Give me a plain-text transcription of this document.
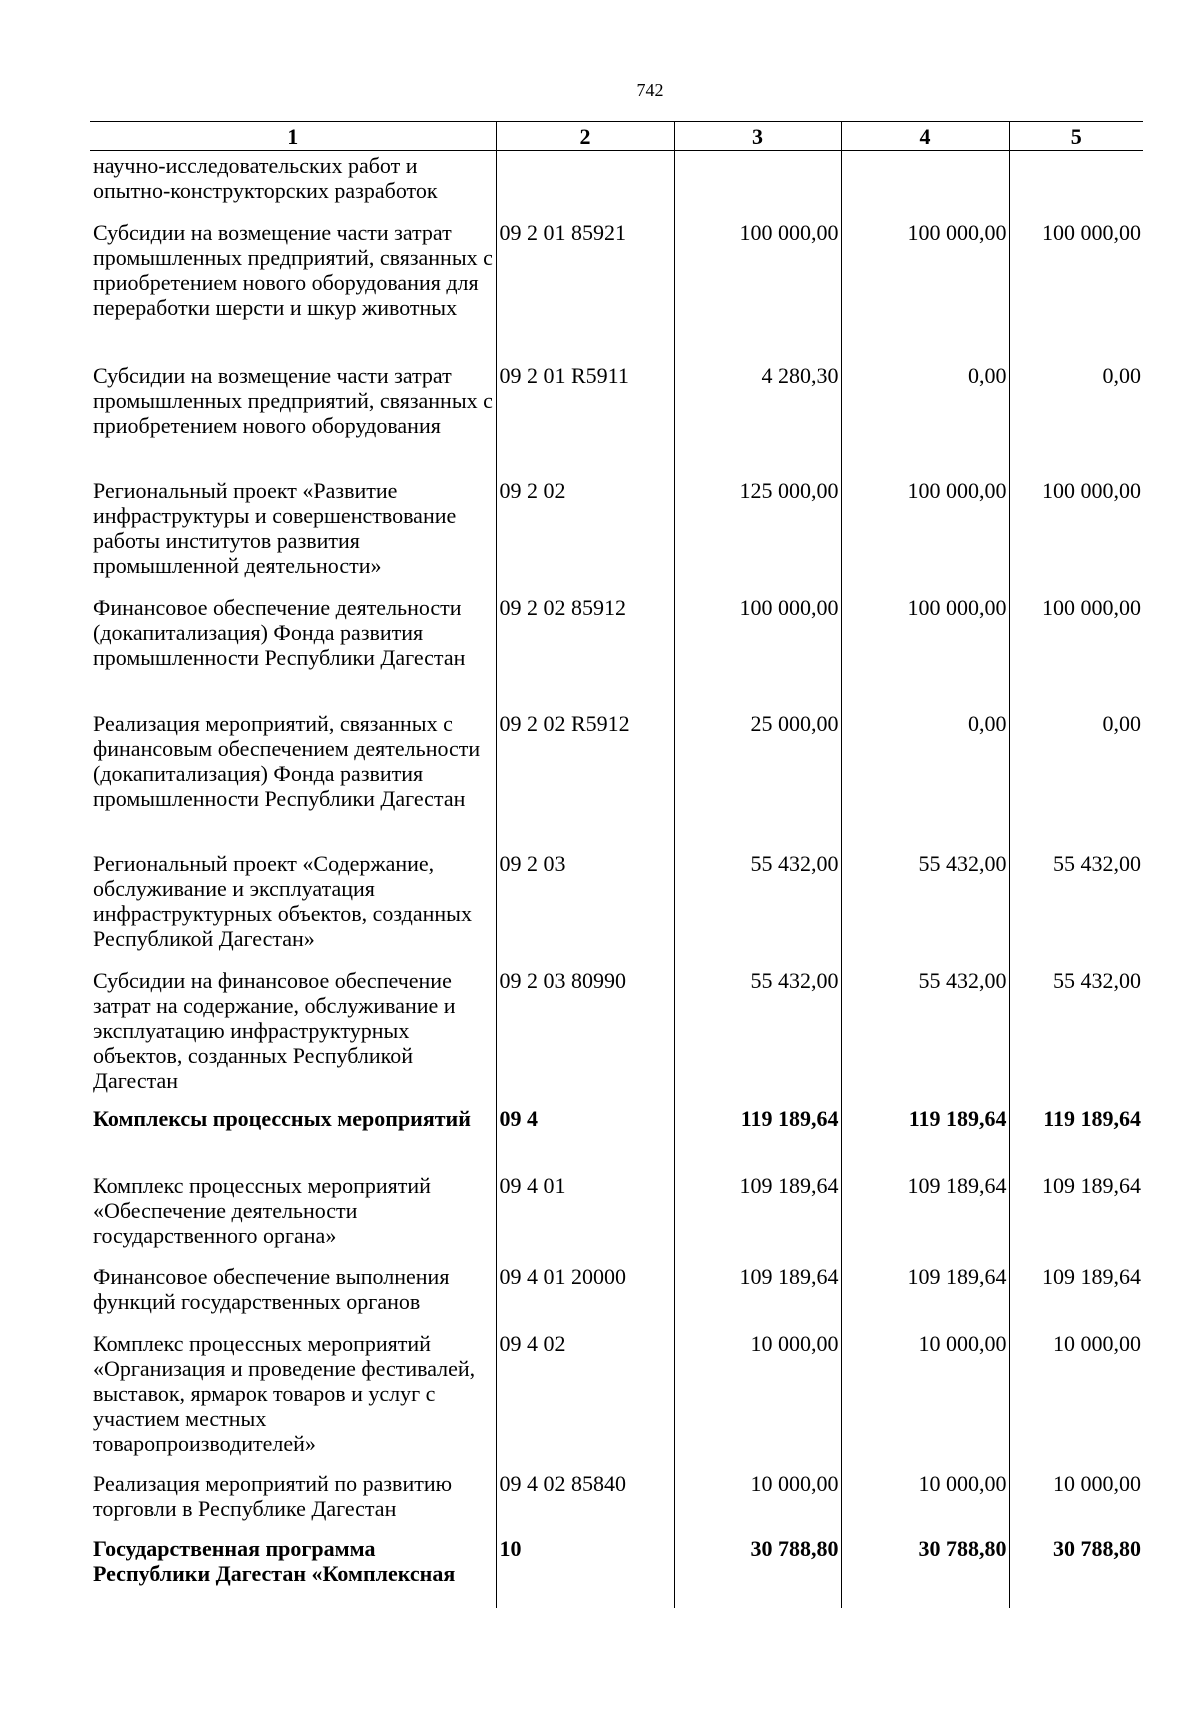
742
1	2	3	4	5
научно-исследовательских работ и опытно-конструкторских разработок				
Субсидии на возмещение части затрат промышленных предприятий, связанных с приобретением нового оборудования для переработки шерсти и шкур животных	09 2 01 85921	100 000,00	100 000,00	100 000,00
Субсидии на возмещение части затрат промышленных предприятий, связанных с приобретением нового оборудования	09 2 01 R5911	4 280,30	0,00	0,00
Региональный проект «Развитие инфраструктуры и совершенствование работы институтов развития промышленной деятельности»	09 2 02	125 000,00	100 000,00	100 000,00
Финансовое обеспечение деятельности (докапитализация) Фонда развития промышленности Республики Дагестан	09 2 02 85912	100 000,00	100 000,00	100 000,00
Реализация мероприятий, связанных с финансовым обеспечением деятельности (докапитализация) Фонда развития промышленности Республики Дагестан	09 2 02 R5912	25 000,00	0,00	0,00
Региональный проект «Содержание, обслуживание и эксплуатация инфраструктурных объектов, созданных Республикой Дагестан»	09 2 03	55 432,00	55 432,00	55 432,00
Субсидии на финансовое обеспечение затрат на содержание, обслуживание и эксплуатацию инфраструктурных объектов, созданных Республикой Дагестан	09 2 03 80990	55 432,00	55 432,00	55 432,00
Комплексы процессных мероприятий	09 4	119 189,64	119 189,64	119 189,64
Комплекс процессных мероприятий «Обеспечение деятельности государственного органа»	09 4 01	109 189,64	109 189,64	109 189,64
Финансовое обеспечение выполнения функций государственных органов	09 4 01 20000	109 189,64	109 189,64	109 189,64
Комплекс процессных мероприятий «Организация и проведение фестивалей, выставок, ярмарок товаров и услуг с участием местных товаропроизводителей»	09 4 02	10 000,00	10 000,00	10 000,00
Реализация мероприятий по развитию торговли в Республике Дагестан	09 4 02 85840	10 000,00	10 000,00	10 000,00
Государственная программа Республики Дагестан «Комплексная	10	30 788,80	30 788,80	30 788,80
